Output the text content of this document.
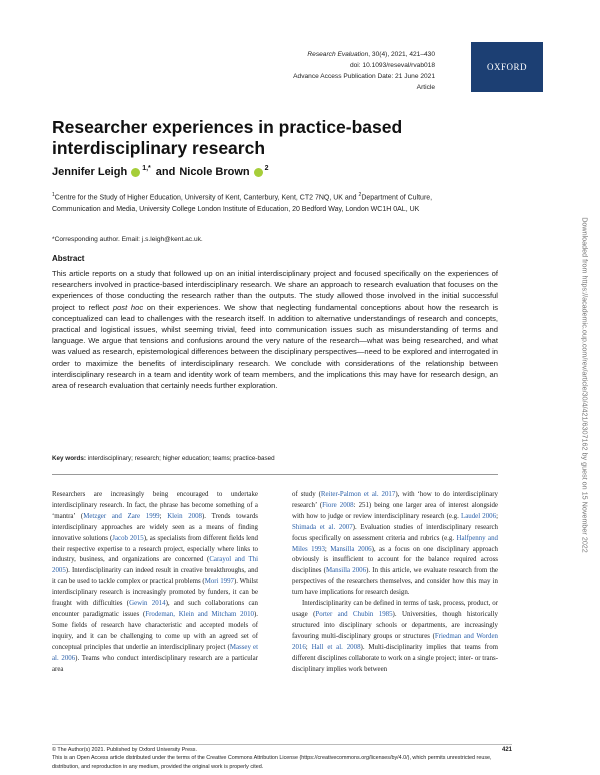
Research Evaluation, 30(4), 2021, 421–430
doi: 10.1093/reseval/rvab018
Advance Access Publication Date: 21 June 2021
Article
OXFORD
Researcher experiences in practice-based interdisciplinary research
Jennifer Leigh 1,* and Nicole Brown 2
$^1$Centre for the Study of Higher Education, University of Kent, Canterbury, Kent, CT2 7NQ, UK and $^2$Department of Culture, Communication and Media, University College London Institute of Education, 20 Bedford Way, London WC1H 0AL, UK
*Corresponding author. Email: j.s.leigh@kent.ac.uk.
Abstract

This article reports on a study that followed up on an initial interdisciplinary project and focused specifically on the experiences of researchers involved in practice-based interdisciplinary research. We share an approach to research evaluation that focuses on the experiences of those conducting the research rather than the outputs. The study allowed those involved in the initial successful project to reflect post hoc on their experiences. We show that neglecting fundamental conceptions about how the research is conceptualized can lead to challenges with the research itself. In addition to alternative understandings of research and concepts, practical and logistical issues, whilst seeming trivial, feed into communication issues such as misunderstanding of terms and language. We argue that tensions and confusions around the very nature of the research—what was being researched, and what was valued as research, epistemological differences between the disciplinary perspectives—need to be explored and interrogated in order to maximize the benefits of interdisciplinary research. We conclude with considerations of the relationship between interdisciplinary research in a team and identity work of team members, and the implications this may have for research design, an area of research evaluation that certainly needs further exploration.

Key words: interdisciplinary; research; higher education; teams; practice-based

Researchers are increasingly being encouraged to undertake interdisciplinary research. In fact, the phrase has become something of a ‘mantra’ (Metzger and Zare 1999; Klein 2008). Trends towards interdisciplinary approaches are widely seen as a means of finding innovative solutions (Jacob 2015), as specialists from different fields lend their respective expertise to a research project, especially where links to industry, business, and organizations are concerned (Carayol and Thi 2005). Interdisciplinarity can indeed result in creative breakthroughs, and it can be used to tackle complex or practical problems (Mori 1997). Whilst interdisciplinary research is increasingly promoted by funders, it can be fraught with difficulties (Gewin 2014), and such collaborations can encounter paradigmatic issues (Frodeman, Klein and Mitcham 2010). Some fields of research have characteristic and accepted models of inquiry, and it can be challenging to come up with an agreed set of conceptual principles that underlie an interdisciplinary project (Massey et al. 2006). Teams who conduct interdisciplinary research are a particular area

of study (Reiter-Palmon et al. 2017), with ‘how to do interdisciplinary research’ (Fiore 2008: 251) being one larger area of interest alongside with how to judge or review interdisciplinary research (e.g. Laudel 2006; Shimada et al. 2007). Evaluation studies of interdisciplinary research focus specifically on assessment criteria and rubrics (e.g. Halfpenny and Miles 1993; Mansilla 2006), as a focus on one disciplinary approach obviously is insufficient to account for the balance required across disciplines (Mansilla 2006). In this article, we evaluate research from the perspectives of the researchers themselves, and consider how this may in turn have implications for research design.
Interdisciplinarity can be defined in terms of task, process, product, or usage (Porter and Chubin 1985). Universities, though historically structured into disciplinary schools or departments, are increasingly favouring multi-disciplinary groups or structures (Friedman and Worden 2016; Hall et al. 2008). Multi-disciplinarity implies that teams from different disciplines collaborate to work on a single project; inter- or trans-disciplinary implies work between

© The Author(s) 2021. Published by Oxford University Press.	421
This is an Open Access article distributed under the terms of the Creative Commons Attribution License (https://creativecommons.org/licenses/by/4.0/), which permits unrestricted reuse, distribution, and reproduction in any medium, provided the original work is properly cited.
Downloaded from https://academic.oup.com/rev/article/30/4/421/6307162 by guest on 15 November 2022
